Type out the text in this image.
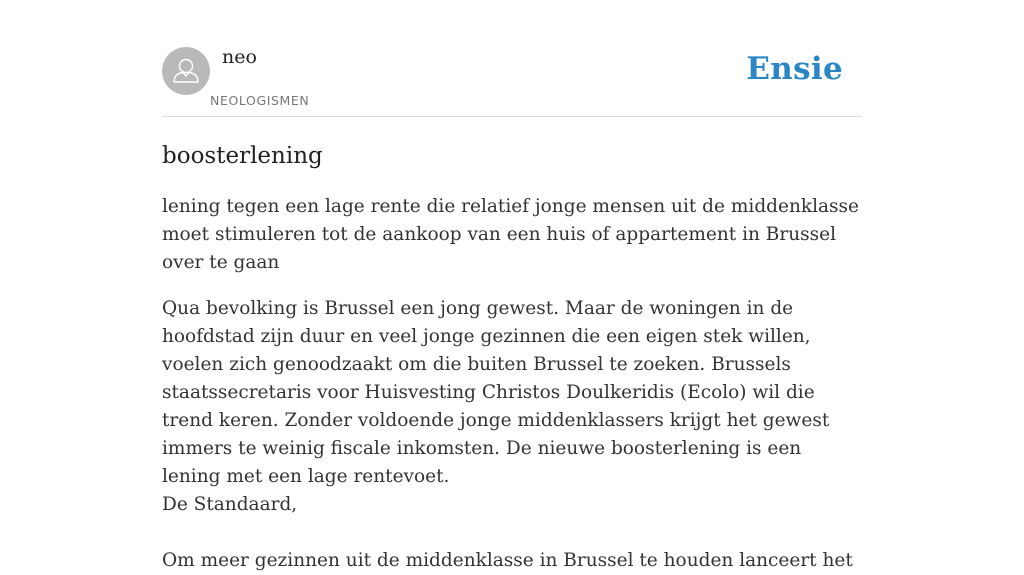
neo
NEOLOGISMEN
Ensie
boosterlening

lening tegen een lage rente die relatief jonge mensen uit de middenklasse moet stimuleren tot de aankoop van een huis of appartement in Brussel over te gaan

Qua bevolking is Brussel een jong gewest. Maar de woningen in de hoofdstad zijn duur en veel jonge gezinnen die een eigen stek willen, voelen zich genoodzaakt om die buiten Brussel te zoeken. Brussels staatssecretaris voor Huisvesting Christos Doulkeridis (Ecolo) wil die trend keren. Zonder voldoende jonge middenklassers krijgt het gewest immers te weinig fiscale inkomsten. De nieuwe boosterlening is een lening met een lage rentevoet.

De Standaard,

Om meer gezinnen uit de middenklasse in Brussel te houden lanceert het
